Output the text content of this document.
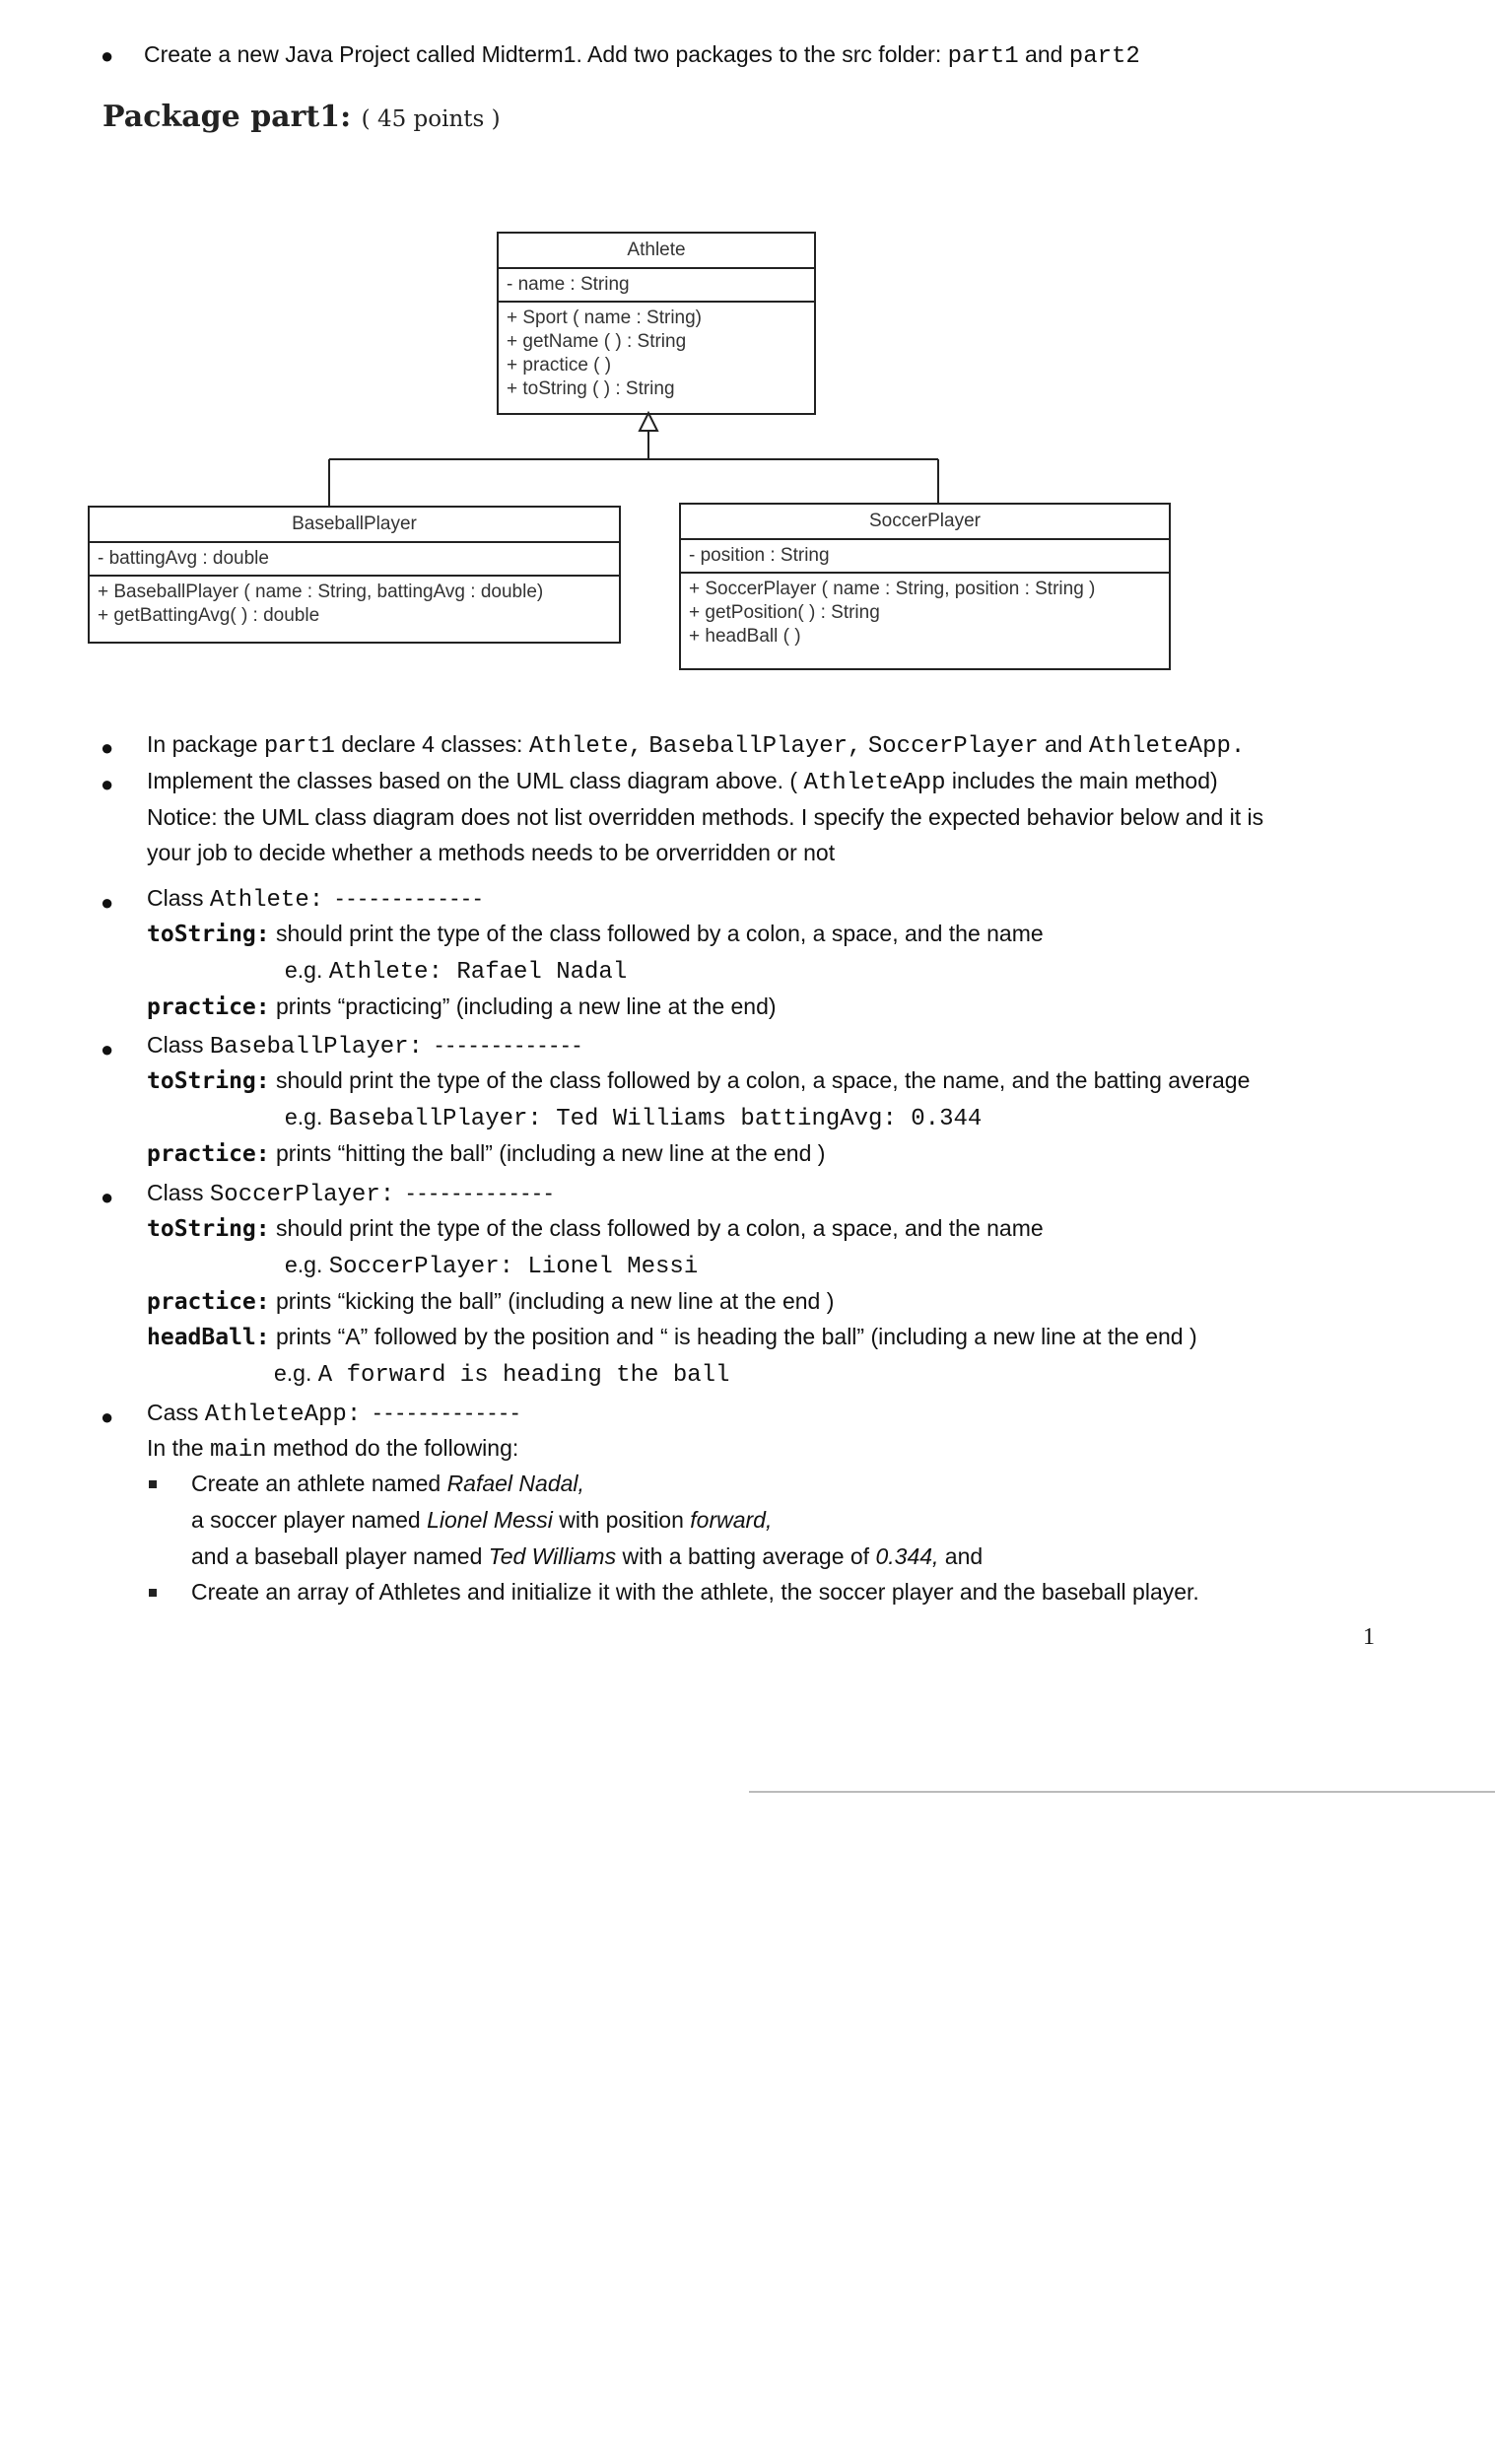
● Create a new Java Project called Midterm1. Add two packages to the src folder: part1 and part2
Package part1: ( 45 points )
Athlete
- name : String
+ Sport ( name : String)
+ getName ( ) : String
+ practice ( )
+ toString ( ) : String
BaseballPlayer
- battingAvg : double
+ BaseballPlayer ( name : String, battingAvg : double)
+ getBattingAvg( ) : double
SoccerPlayer
- position : String
+ SoccerPlayer ( name : String, position : String )
+ getPosition( ) : String
+ headBall ( )
● In package part1 declare 4 classes: Athlete, BaseballPlayer, SoccerPlayer and AthleteApp.
● Implement the classes based on the UML class diagram above. ( AthleteApp includes the main method)
Notice: the UML class diagram does not list overridden methods. I specify the expected behavior below and it is
your job to decide whether a methods needs to be orverridden or not
● Class Athlete: -------------
toString: should print the type of the class followed by a colon, a space, and the name
e.g. Athlete: Rafael Nadal
practice: prints “practicing” (including a new line at the end)
● Class BaseballPlayer: -------------
toString: should print the type of the class followed by a colon, a space, the name, and the batting average
e.g. BaseballPlayer: Ted Williams battingAvg: 0.344
practice: prints “hitting the ball” (including a new line at the end )
● Class SoccerPlayer: -------------
toString: should print the type of the class followed by a colon, a space, and the name
e.g. SoccerPlayer: Lionel Messi
practice: prints “kicking the ball” (including a new line at the end )
headBall: prints “A” followed by the position and “ is heading the ball” (including a new line at the end )
e.g. A forward is heading the ball
● Cass AthleteApp: -------------
In the main method do the following:
Create an athlete named Rafael Nadal,
a soccer player named Lionel Messi with position forward,
and a baseball player named Ted Williams with a batting average of 0.344, and
Create an array of Athletes and initialize it with the athlete, the soccer player and the baseball player.
1
